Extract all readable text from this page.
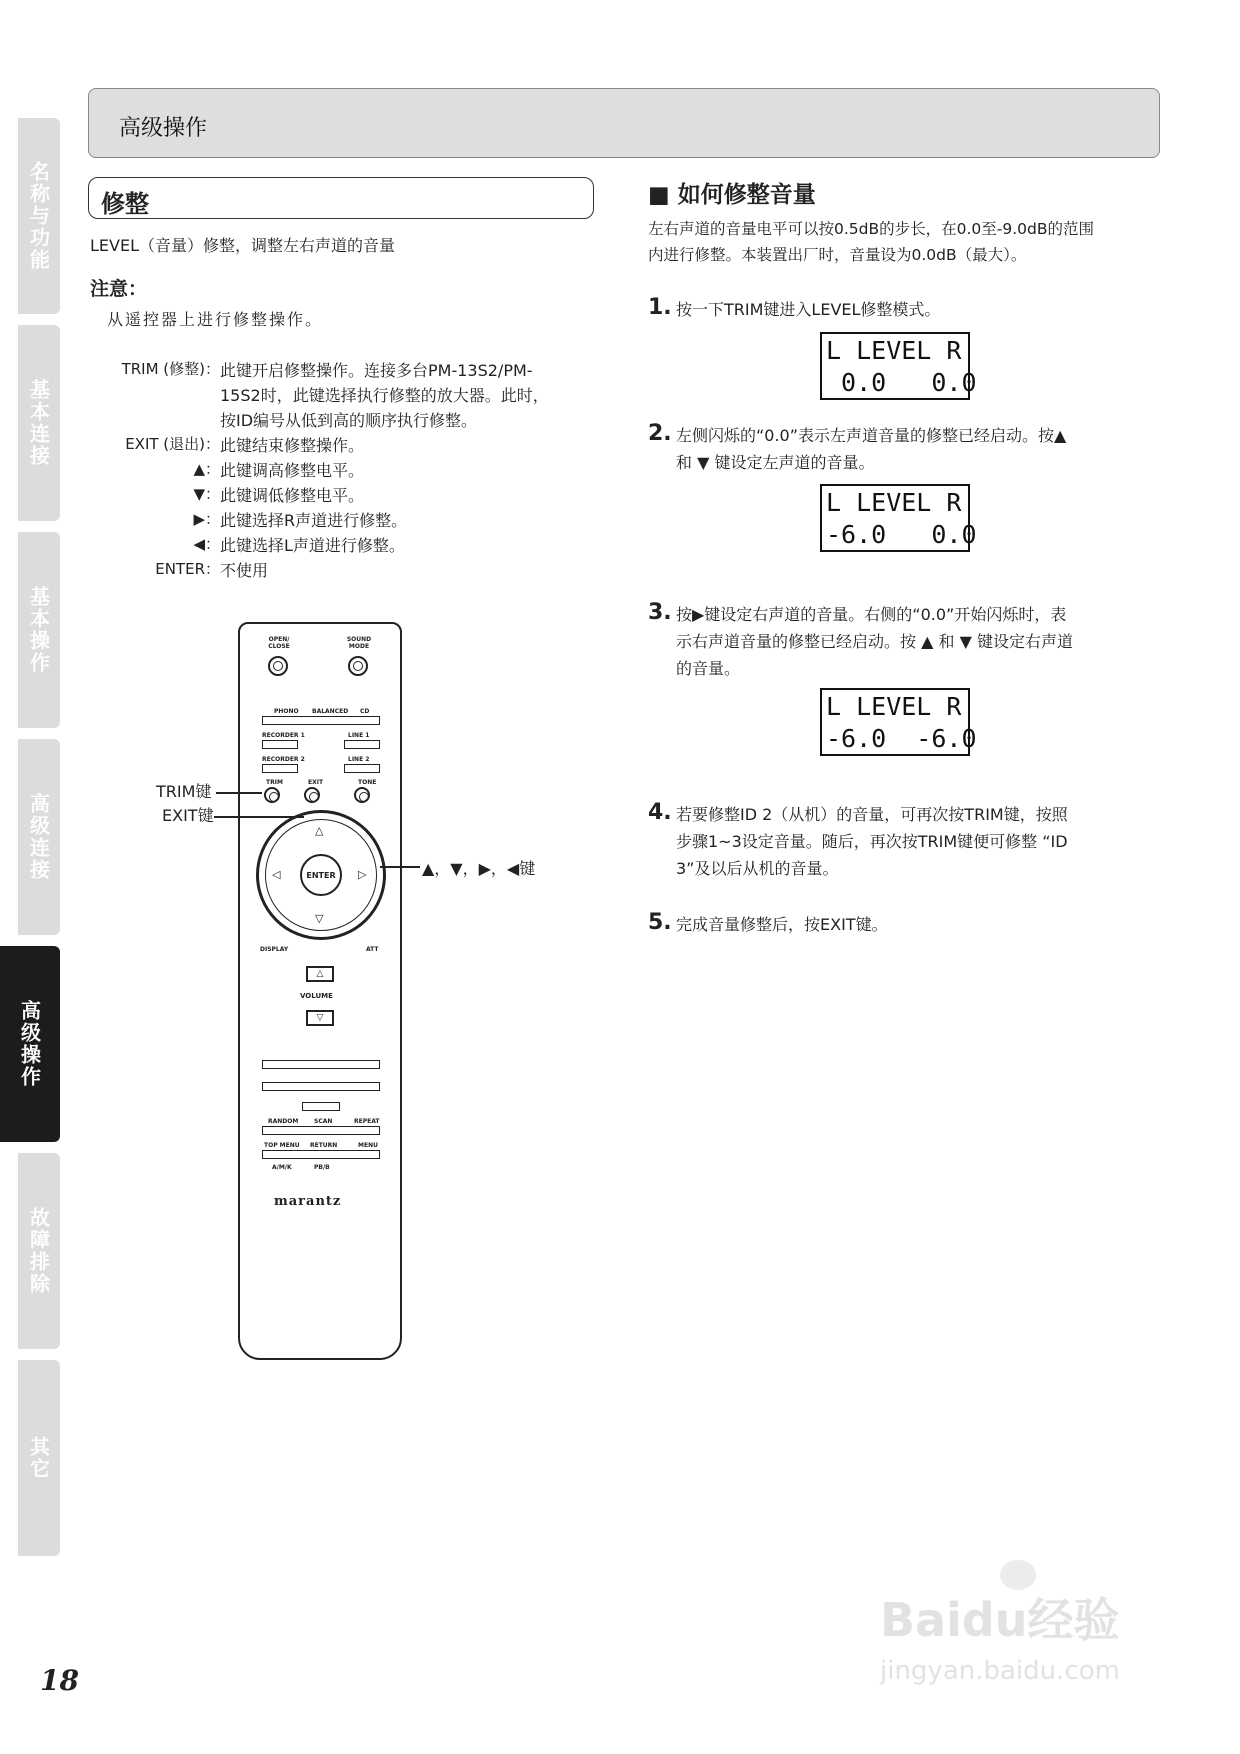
名称与功能
基本连接
基本操作
高级连接
高级操作
故障排除
其它
高级操作
修整
LEVEL（音量）修整，调整左右声道的音量
注意：
从遥控器上进行修整操作。
TRIM (修整)： 此键开启修整操作。连接多台PM-13S2/PM-
15S2时，此键选择执行修整的放大器。此时，
按ID编号从低到高的顺序执行修整。
EXIT (退出)： 此键结束修整操作。
▲： 此键调高修整电平。
▼： 此键调低修整电平。
▶： 此键选择R声道进行修整。
◀： 此键选择L声道进行修整。
ENTER： 不使用
OPEN/ CLOSE
SOUND MODE
PHONO BALANCED CD
RECORDER 1	LINE 1
RECORDER 2	LINE 2
TRIM	EXIT	TONE
△
▽
◁	▷
ENTER
DISPLAY	ATT
△
VOLUME
▽
RANDOM	SCAN	REPEAT
TOP MENU RETURN	MENU
A/M/K	PB/B
marantz
TRIM键
EXIT键
▲，▼，▶，◀键
■ 如何修整音量
左右声道的音量电平可以按0.5dB的步长，在0.0至-9.0dB的范围
内进行修整。本装置出厂时，音量设为0.0dB（最大）。
1. 按一下TRIM键进入LEVEL修整模式。
L LEVEL R
0.0   0.0
2. 左侧闪烁的“0.0”表示左声道音量的修整已经启动。按▲
和 ▼ 键设定左声道的音量。
L LEVEL R
-6.0   0.0
3. 按▶键设定右声道的音量。右侧的“0.0”开始闪烁时，表
示右声道音量的修整已经启动。按 ▲ 和 ▼ 键设定右声道
的音量。
L LEVEL R
-6.0  -6.0
4. 若要修整ID 2（从机）的音量，可再次按TRIM键，按照
步骤1~3设定音量。随后，再次按TRIM键便可修整 “ID
3”及以后从机的音量。
5. 完成音量修整后，按EXIT键。
18
Baidu经验
jingyan.baidu.com
